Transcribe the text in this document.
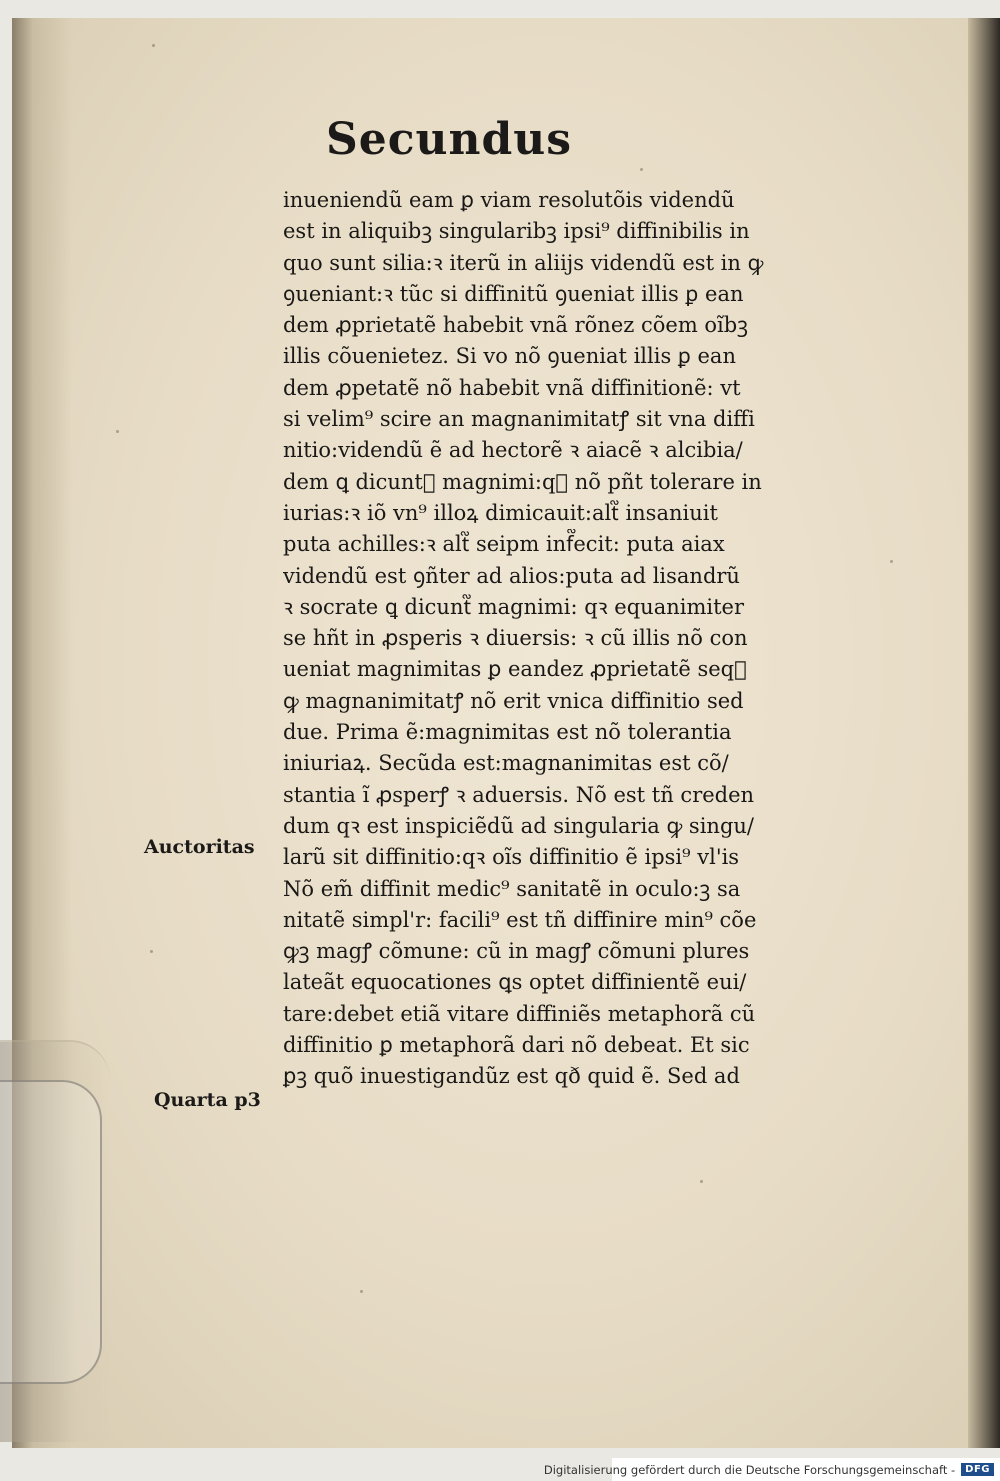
Secundus
inueniendũ eam ꝑ viam resolutõis videndũ
est in aliquibꝫ singularibꝫ ipsi⁹ diffinibilis in
quo sunt silia:ꝛ iterũ in aliijs videndũ est in ꝙ
ꝯueniant:ꝛ tũc si diffinitũ ꝯueniat illis ꝑ ean
dem ꝓprietatẽ habebit vnã rõnez cõem oĩbꝫ
illis cõuenietez. Si vo nõ ꝯueniat illis ꝑ ean
dem ꝓpetatẽ nõ habebit vnã diffinitionẽ: vt
si velim⁹ scire an magnanimitatꝭ sit vna diffi
nitio:videndũ ẽ ad hectorẽ ꝛ aiacẽ ꝛ alcibia/
dem ꝗ dicunt᷑ magnimi:qꝛ nõ pñt tolerare in
iurias:ꝛ iõ vn⁹ illoꝝ dimicauit:alt᷑ insaniuit
puta achilles:ꝛ alt᷑ seipm inf᷑ecit: puta aiax
videndũ est ꝯñter ad alios:puta ad lisandrũ
ꝛ socrate ꝗ dicunt᷑ magnimi: qꝛ equanimiter
se hñt in ꝓsperis ꝛ diuersis: ꝛ cũ illis nõ con
ueniat magnimitas ꝑ eandez ꝓprietatẽ seq᷑
ꝙ magnanimitatꝭ nõ erit vnica diffinitio sed
due. Prima ẽ:magnimitas est nõ tolerantia
iniuriaꝝ. Secũda est:magnanimitas est cõ/
stantia ĩ ꝓsperꝭ ꝛ aduersis. Nõ est tñ creden
dum qꝛ est inspiciẽdũ ad singularia ꝙ singu/
larũ sit diffinitio:qꝛ oĩs diffinitio ẽ ipsi⁹ vl'is
Nõ em̃ diffinit medic⁹ sanitatẽ in oculo:ꝫ sa
nitatẽ simpl'r: facili⁹ est tñ diffinire min⁹ cõe
ꝙꝫ magꝭ cõmune: cũ in magꝭ cõmuni plures
lateãt equocationes ꝗs optet diffinientẽ eui/
tare:debet etiã vitare diffiniẽs metaphorã cũ
diffinitio ꝑ metaphorã dari nõ debeat. Et sic
ꝑꝫ quõ inuestigandũz est qð quid ẽ. Sed ad
Auctoritas
Quarta p3
Digitalisierung gefördert durch die Deutsche Forschungsgemeinschaft -	DFG
